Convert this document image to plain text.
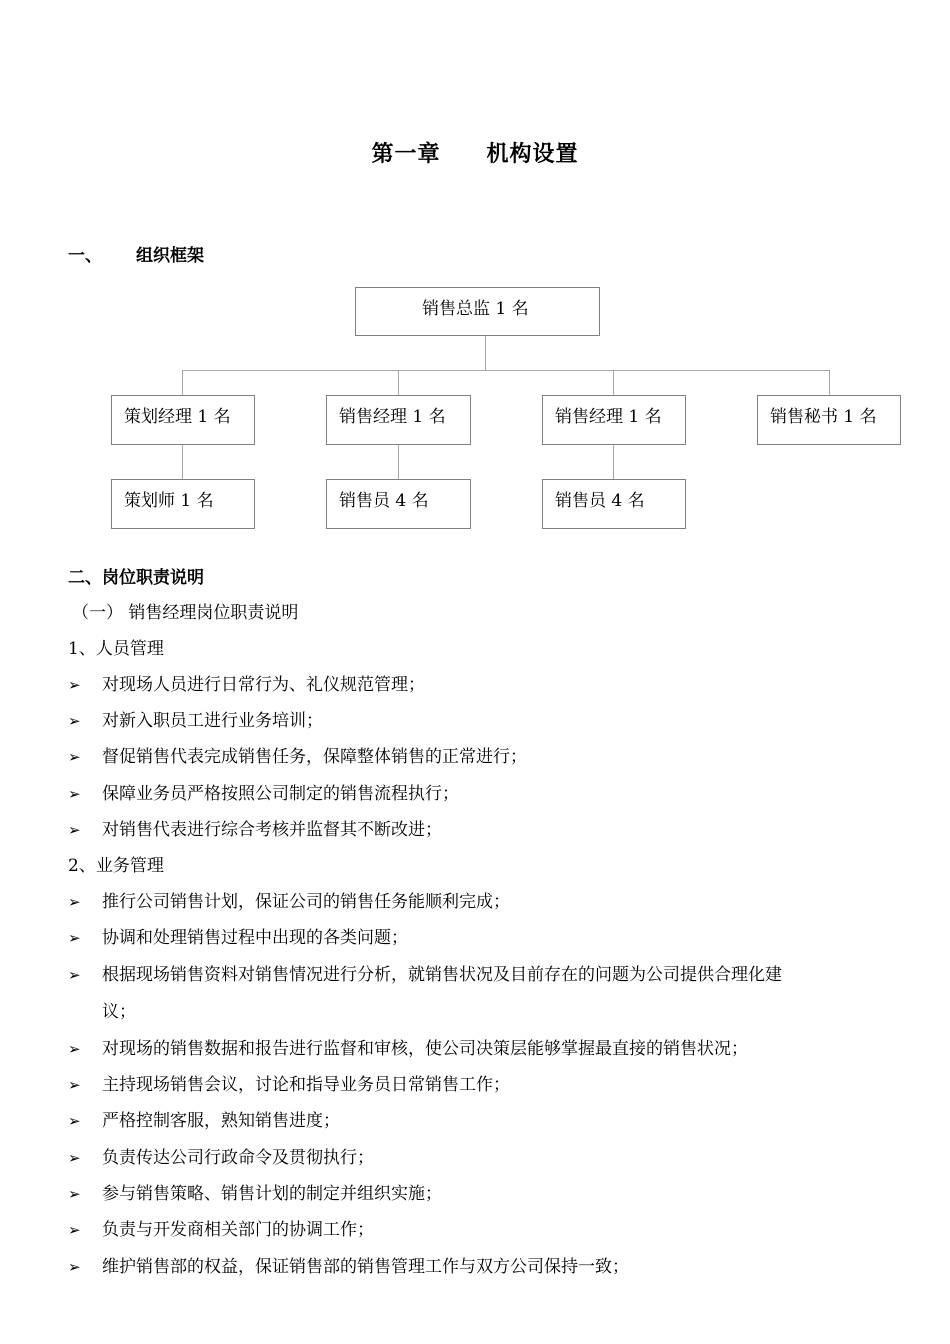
第一章 机构设置
一、 组织框架
销售总监 1 名
策划经理 1 名	销售经理 1 名	销售经理 1 名	销售秘书 1 名
策划师 1 名	销售员 4 名	销售员 4 名
二、岗位职责说明
（一） 销售经理岗位职责说明
1、人员管理
➢ 对现场人员进行日常行为、礼仪规范管理；
➢ 对新入职员工进行业务培训；
➢ 督促销售代表完成销售任务，保障整体销售的正常进行；
➢ 保障业务员严格按照公司制定的销售流程执行；
➢ 对销售代表进行综合考核并监督其不断改进；
2、业务管理
➢ 推行公司销售计划，保证公司的销售任务能顺利完成；
➢ 协调和处理销售过程中出现的各类问题；
➢ 根据现场销售资料对销售情况进行分析，就销售状况及目前存在的问题为公司提供合理化建
议；
➢ 对现场的销售数据和报告进行监督和审核，使公司决策层能够掌握最直接的销售状况；
➢ 主持现场销售会议，讨论和指导业务员日常销售工作；
➢ 严格控制客服，熟知销售进度；
➢ 负责传达公司行政命令及贯彻执行；
➢ 参与销售策略、销售计划的制定并组织实施；
➢ 负责与开发商相关部门的协调工作；
➢ 维护销售部的权益，保证销售部的销售管理工作与双方公司保持一致；
